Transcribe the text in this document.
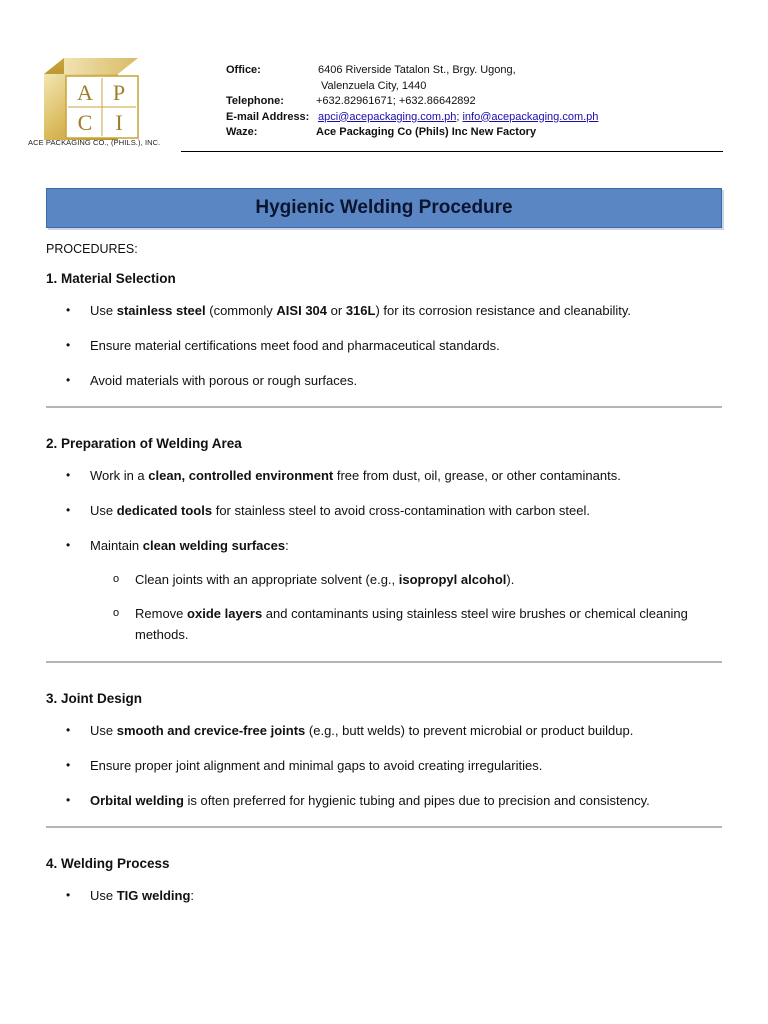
A P
C I
ACE PACKAGING CO., (PHILS.), INC.
Office:	6406 Riverside Tatalon St., Brgy. Ugong,
Valenzuela City, 1440
Telephone:	+632.82961671; +632.86642892
E-mail Address: apci@acepackaging.com.ph ;
info@acepackaging.com.ph
Waze:	Ace Packaging Co (Phils) Inc New Factory
Hygienic Welding Procedure
PROCEDURES:
1. Material Selection
• Use stainless steel (commonly AISI 304 or 316L) for its corrosion resistance and cleanability.
• Ensure material certifications meet food and pharmaceutical standards.
• Avoid materials with porous or rough surfaces.
2. Preparation of Welding Area
• Work in a clean, controlled environment free from dust, oil, grease, or other contaminants.
• Use dedicated tools for stainless steel to avoid cross-contamination with carbon steel.
• Maintain clean welding surfaces:
o Clean joints with an appropriate solvent (e.g., isopropyl alcohol).
o Remove oxide layers and contaminants using stainless steel wire brushes or chemical cleaning methods.
3. Joint Design
• Use smooth and crevice-free joints (e.g., butt welds) to prevent microbial or product buildup.
• Ensure proper joint alignment and minimal gaps to avoid creating irregularities.
• Orbital welding is often preferred for hygienic tubing and pipes due to precision and consistency.
4. Welding Process
• Use TIG welding:
